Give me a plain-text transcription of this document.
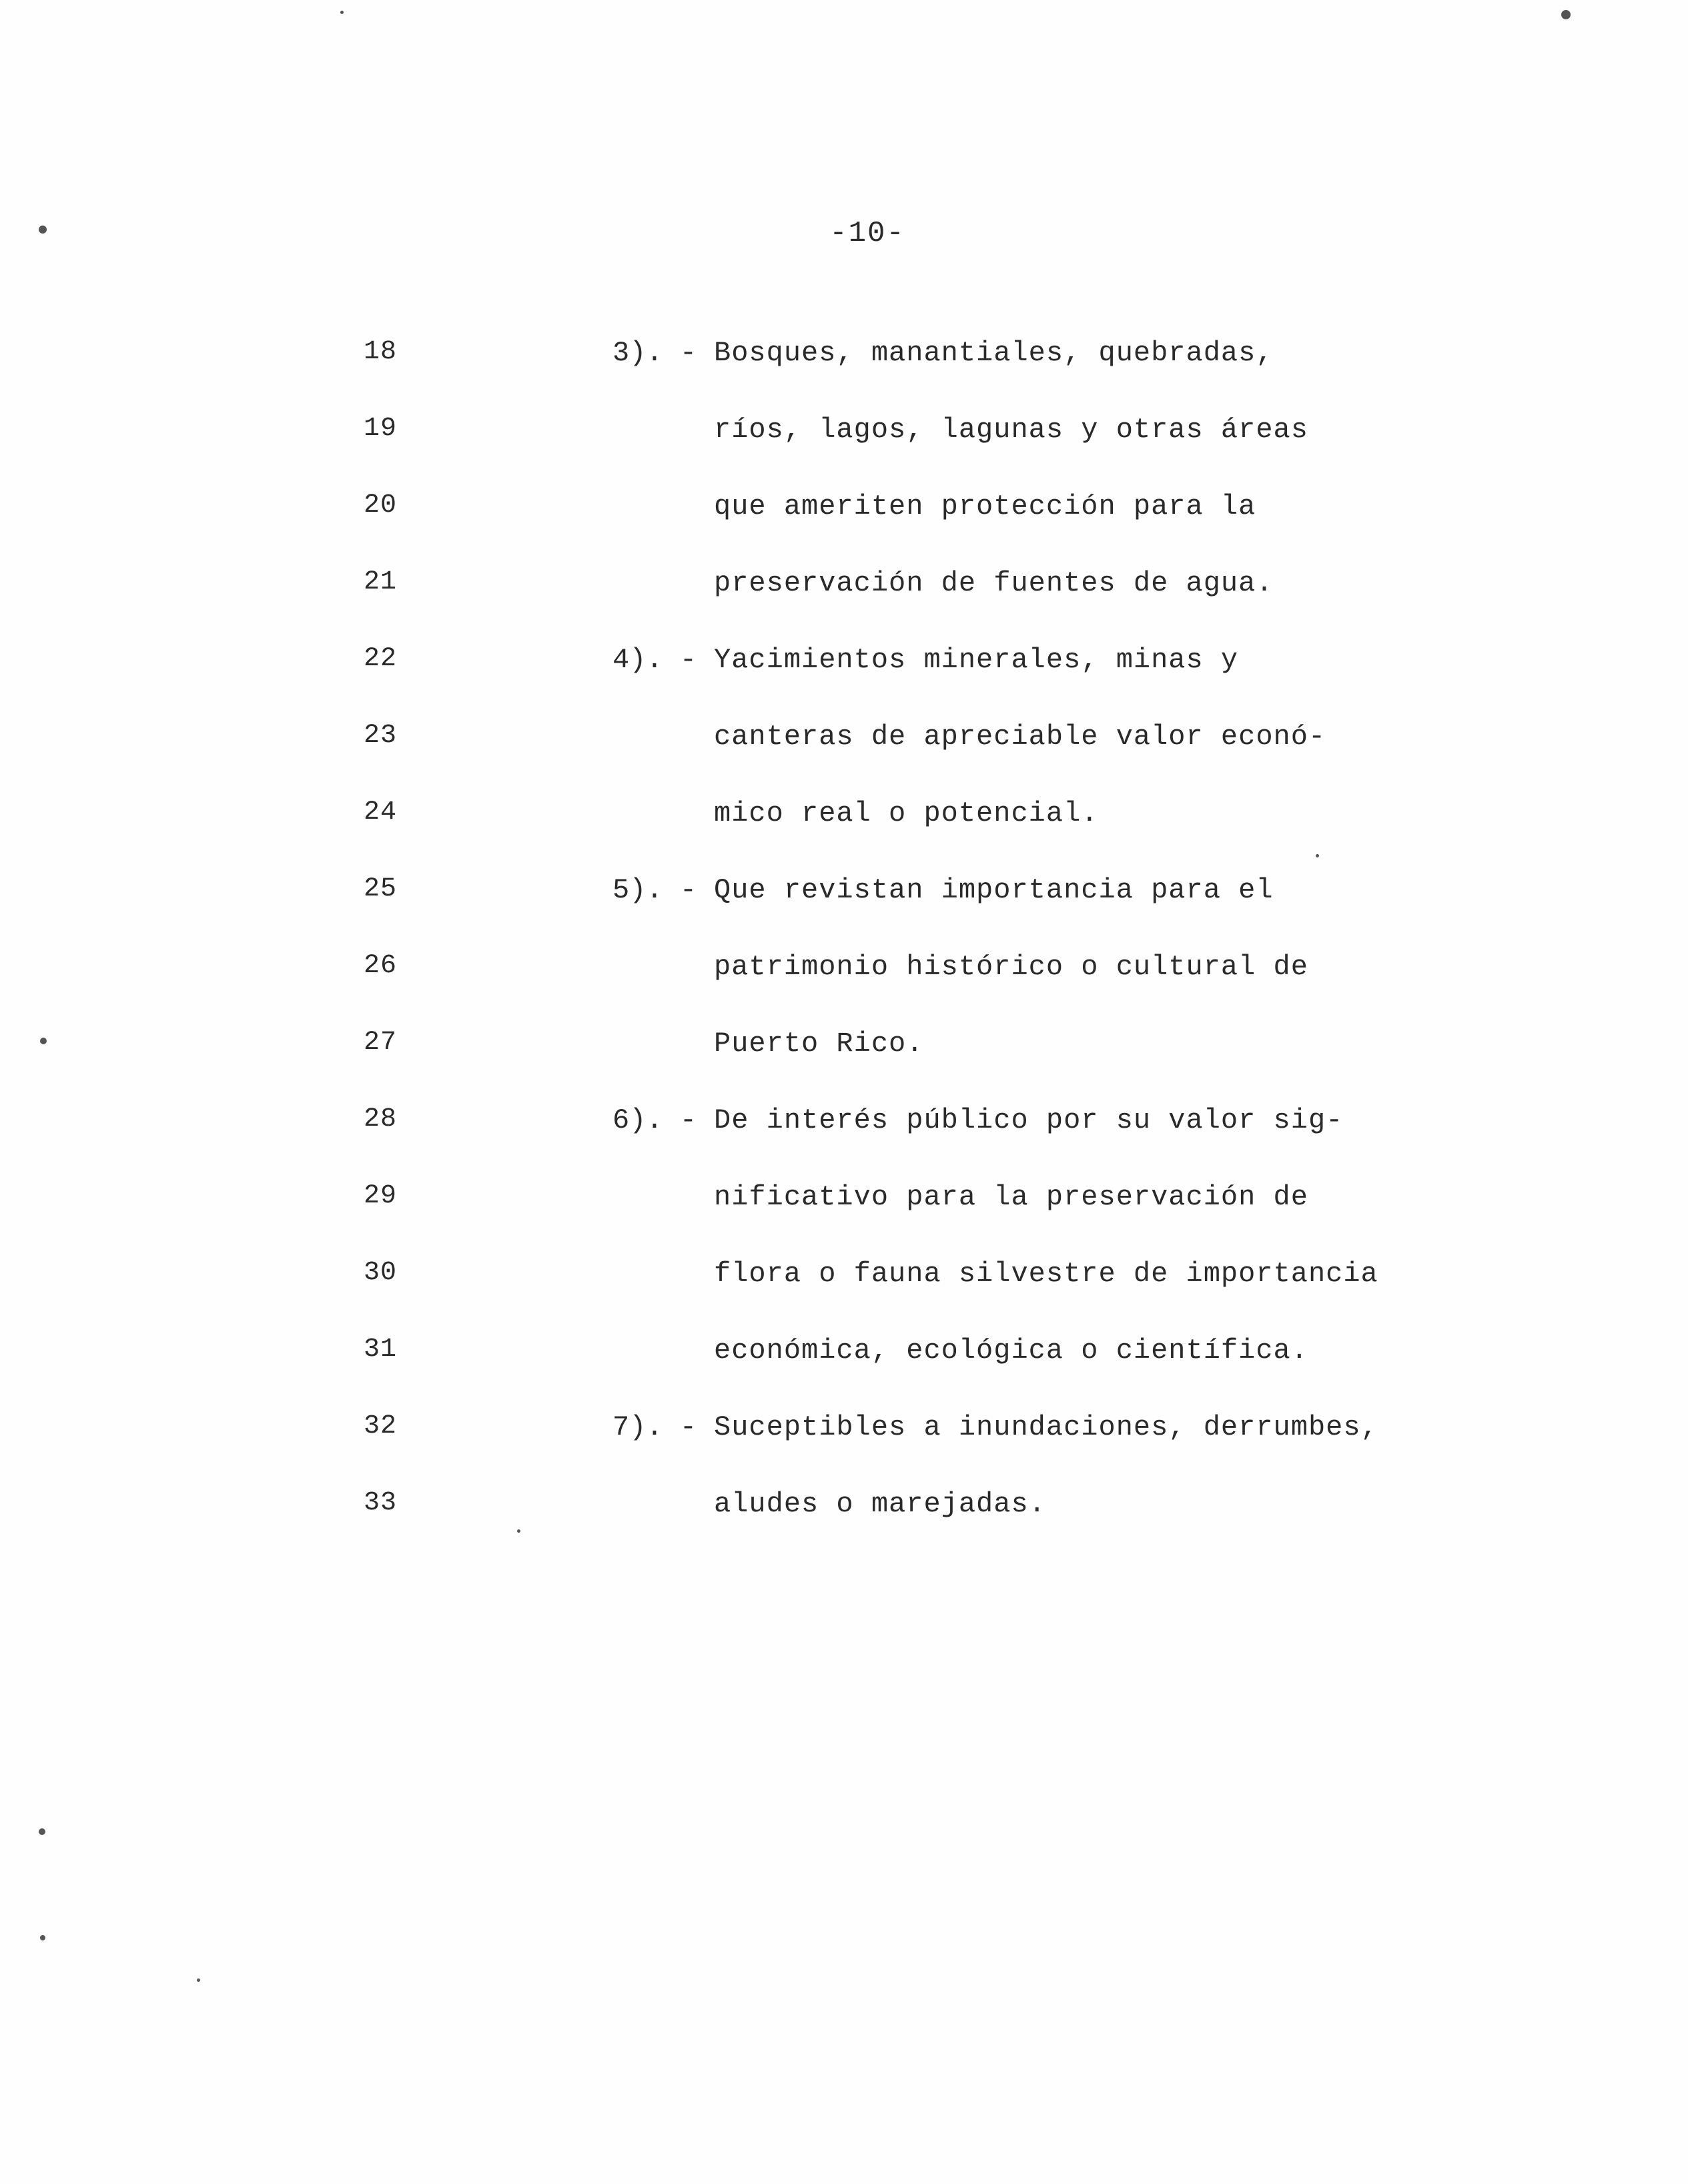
-10-
18
19
20
21
22
23
24
25
26
27
28
29
30
31
32
33
3). - Bosques, manantiales, quebradas,
ríos, lagos, lagunas y otras áreas
que ameriten protección para la
preservación de fuentes de agua.
4). - Yacimientos minerales, minas y
canteras de apreciable valor econó-
mico real o potencial.
5). - Que revistan importancia para el
patrimonio histórico o cultural de
Puerto Rico.
6). - De interés público por su valor sig-
nificativo para la preservación de
flora o fauna silvestre de importancia
económica, ecológica o científica.
7). - Suceptibles a inundaciones, derrumbes,
aludes o marejadas.
